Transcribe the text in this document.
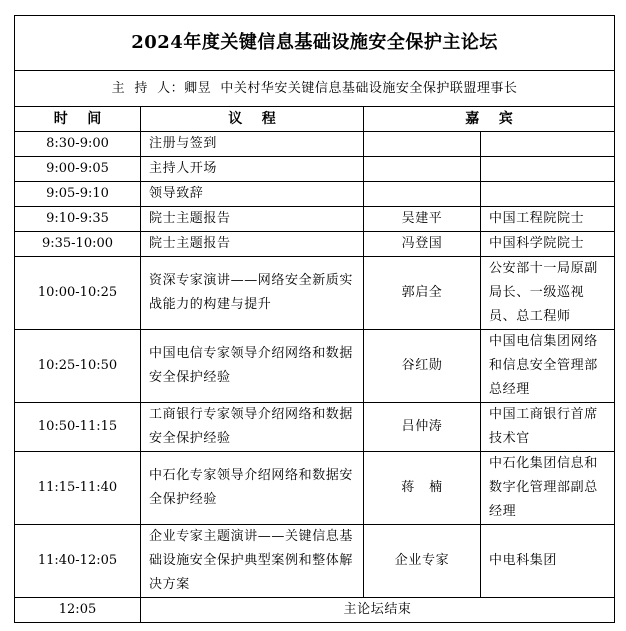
2024年度关键信息基础设施安全保护主论坛			
主  持  人：卿昱  中关村华安关键信息基础设施安全保护联盟理事长			
时    间	议    程	嘉    宾	
8:30-9:00	注册与签到		
9:00-9:05	主持人开场		
9:05-9:10	领导致辞		
9:10-9:35	院士主题报告	吴建平	中国工程院院士
9:35-10:00	院士主题报告	冯登国	中国科学院院士
10:00-10:25	资深专家演讲——网络安全新质实战能力的构建与提升	郭启全	公安部十一局原副局长、一级巡视员、总工程师
10:25-10:50	中国电信专家领导介绍网络和数据安全保护经验	谷红勋	中国电信集团网络和信息安全管理部总经理
10:50-11:15	工商银行专家领导介绍网络和数据安全保护经验	吕仲涛	中国工商银行首席技术官
11:15-11:40	中石化专家领导介绍网络和数据安全保护经验	蒋   楠	中石化集团信息和数字化管理部副总经理
11:40-12:05	企业专家主题演讲——关键信息基础设施安全保护典型案例和整体解决方案	企业专家	中电科集团
12:05	主论坛结束		
